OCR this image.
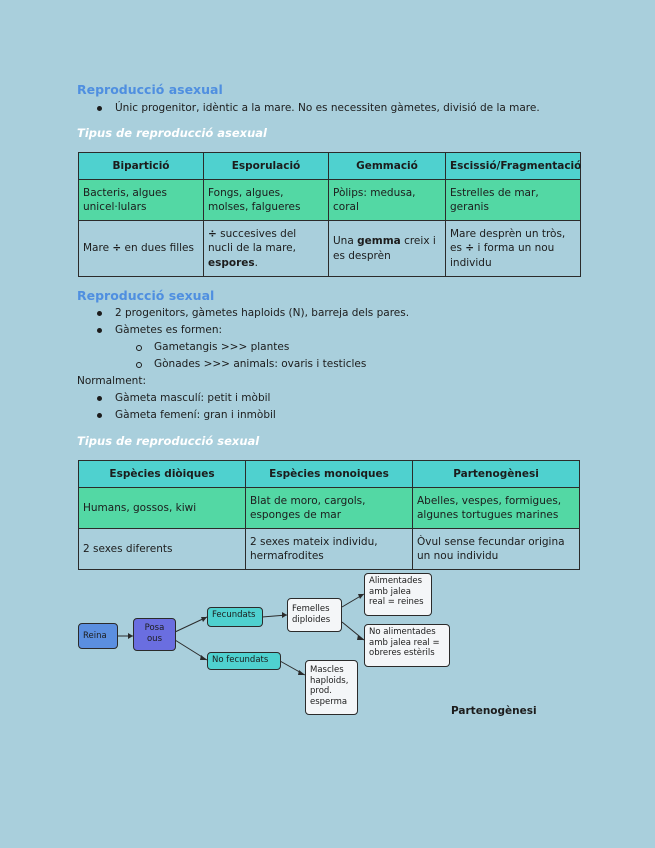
Reproducció asexual
Únic progenitor, idèntic a la mare. No es necessiten gàmetes, divisió de la mare.
Tipus de reproducció asexual
Bipartició	Esporulació	Gemmació	Escissió/Fragmentació
Bacteris, algues unicel·lulars	Fongs, algues, molses, falgueres	Pòlips: medusa, coral	Estrelles de mar, geranis
Mare ÷ en dues filles	÷ succesives del nucli de la mare, espores.	Una gemma creix i es desprèn	Mare desprèn un tròs, es ÷ i forma un nou individu
Reproducció sexual
2 progenitors, gàmetes haploids (N), barreja dels pares.
Gàmetes es formen:
Gametangis >>> plantes
Gònades >>> animals: ovaris i testicles
Normalment:
Gàmeta masculí: petit i mòbil
Gàmeta femení: gran i inmòbil
Tipus de reproducció sexual
Espècies diòiques	Espècies monoiques	Partenogènesi
Humans, gossos, kiwi	Blat de moro, cargols, esponges de mar	Abelles, vespes, formigues, algunes tortugues marines
2 sexes diferents	2 sexes mateix individu, hermafrodites	Òvul sense fecundar origina un nou individu
Reina
Posa ous
Fecundats
No fecundats
Femelles diploides
Mascles haploids, prod. esperma
Alimentades amb jalea real = reines
No alimentades amb jalea real = obreres estèrils
Partenogènesi
